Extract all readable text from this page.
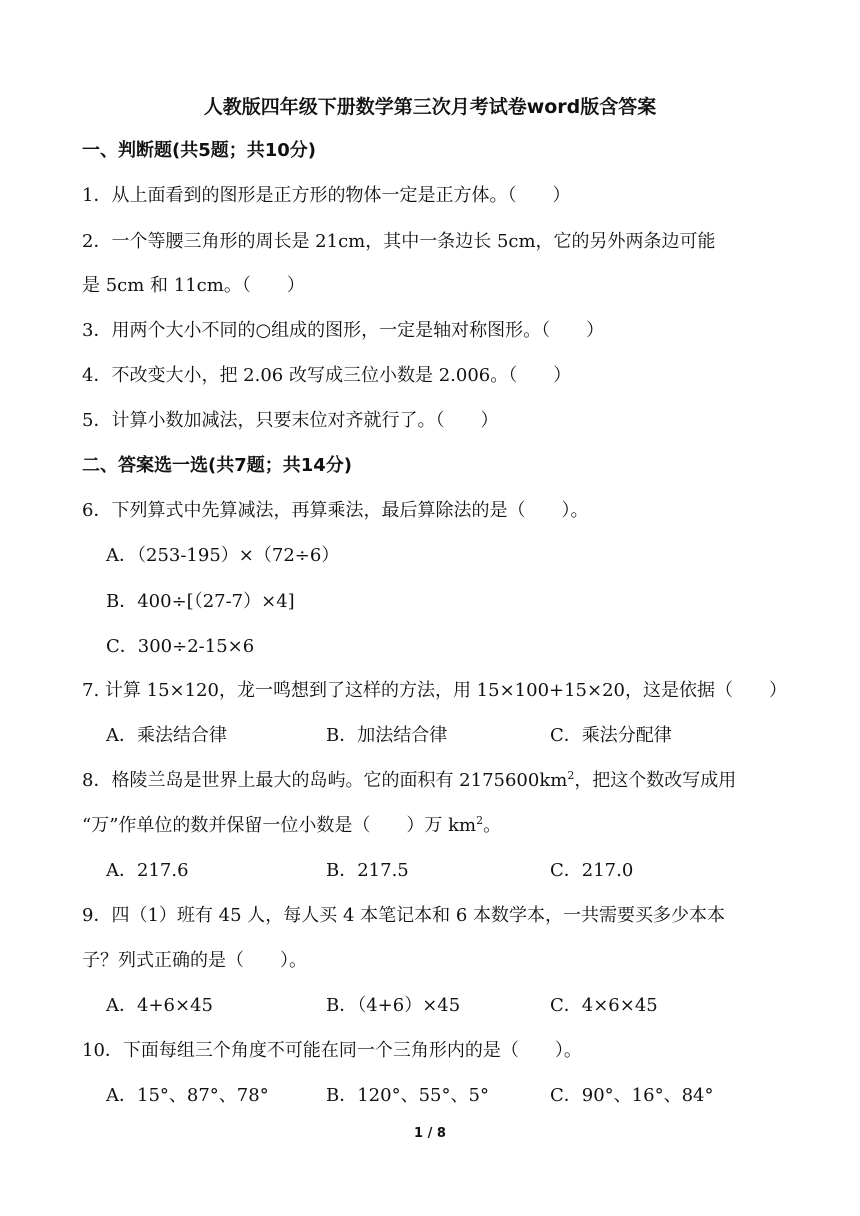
人教版四年级下册数学第三次月考试卷word版含答案
一、判断题(共5题；共10分)
1．从上面看到的图形是正方形的物体一定是正方体。（　　）
2．一个等腰三角形的周长是 21cm，其中一条边长 5cm，它的另外两条边可能
是 5cm 和 11cm。（　　）
3．用两个大小不同的○组成的图形，一定是轴对称图形。（　　）
4．不改变大小，把 2.06 改写成三位小数是 2.006。（　　）
5．计算小数加减法，只要末位对齐就行了。（　　）
二、答案选一选(共7题；共14分)
6．下列算式中先算减法，再算乘法，最后算除法的是（　　）。
A．（253-195）×（72÷6）
B．400÷[（27-7）×4]
C．300÷2-15×6
7. 计算 15×120，龙一鸣想到了这样的方法，用 15×100+15×20，这是依据（　　）
A．乘法结合律	B．加法结合律	C．乘法分配律
8．格陵兰岛是世界上最大的岛屿。它的面积有 $2175600km^2$，把这个数改写成用
“万”作单位的数并保留一位小数是（　　）万 $km^2$。
A．217.6	B．217.5	C．217.0
9．四（1）班有 45 人，每人买 4 本笔记本和 6 本数学本，一共需要买多少本本
子？列式正确的是（　　）。
A．4+6×45	B．（4+6）×45	C．4×6×45
10．下面每组三个角度不可能在同一个三角形内的是（　　）。
A．15°、87°、78°	B．120°、55°、5°	C．90°、16°、84°
1 / 8
